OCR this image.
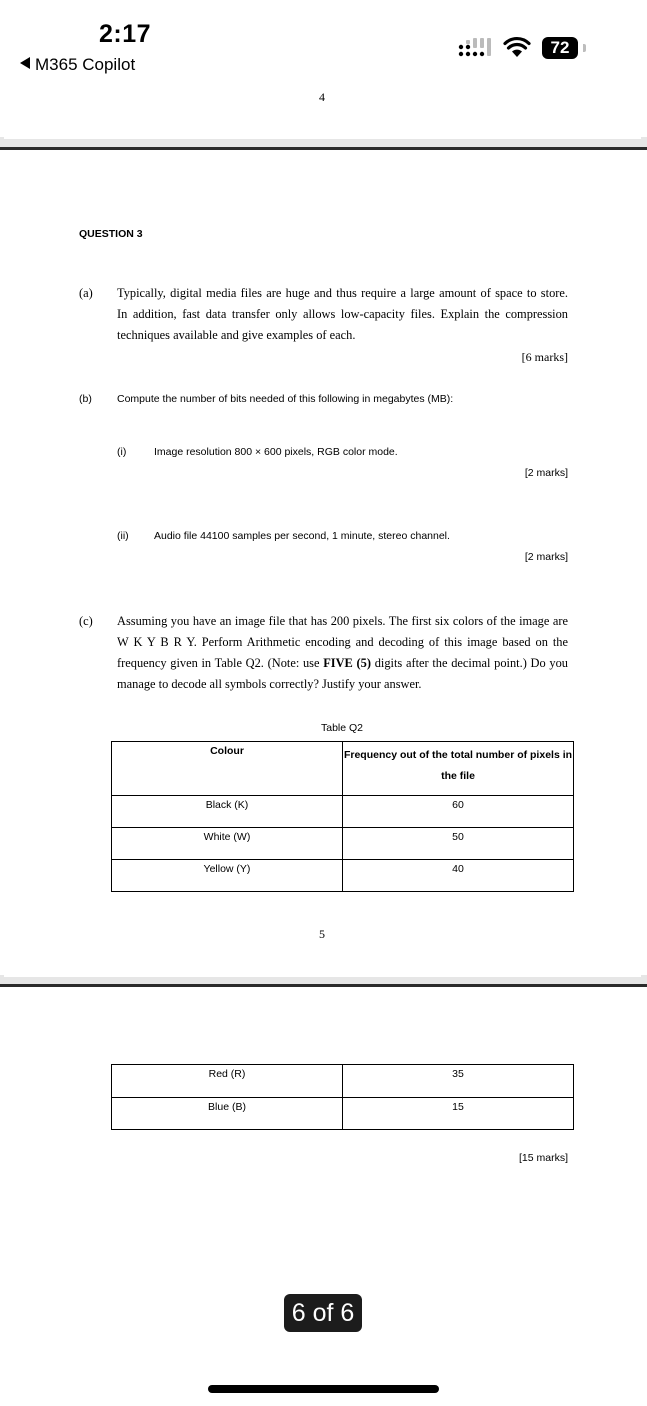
2:17
M365 Copilot
72
4
QUESTION 3
(a) Typically, digital media files are huge and thus require a large amount of space to store.
In addition, fast data transfer only allows low-capacity files. Explain the compression
techniques available and give examples of each.
[6 marks]
(b) Compute the number of bits needed of this following in megabytes (MB):
(i)	Image resolution 800 × 600 pixels, RGB color mode.
[2 marks]
(ii) Audio file 44100 samples per second, 1 minute, stereo channel.
[2 marks]
(c) Assuming you have an image file that has 200 pixels. The first six colors of the image are
W K Y B R Y. Perform Arithmetic encoding and decoding of this image based on the
frequency given in Table Q2. (Note: use FIVE (5) digits after the decimal point.) Do you
manage to decode all symbols correctly? Justify your answer.
Table Q2
Colour	Frequency out of the total number of pixels in
the file

Black (K)	60
White (W)	50
Yellow (Y)	40
5
Red (R)	35
Blue (B)	15
[15 marks]
6 of 6
